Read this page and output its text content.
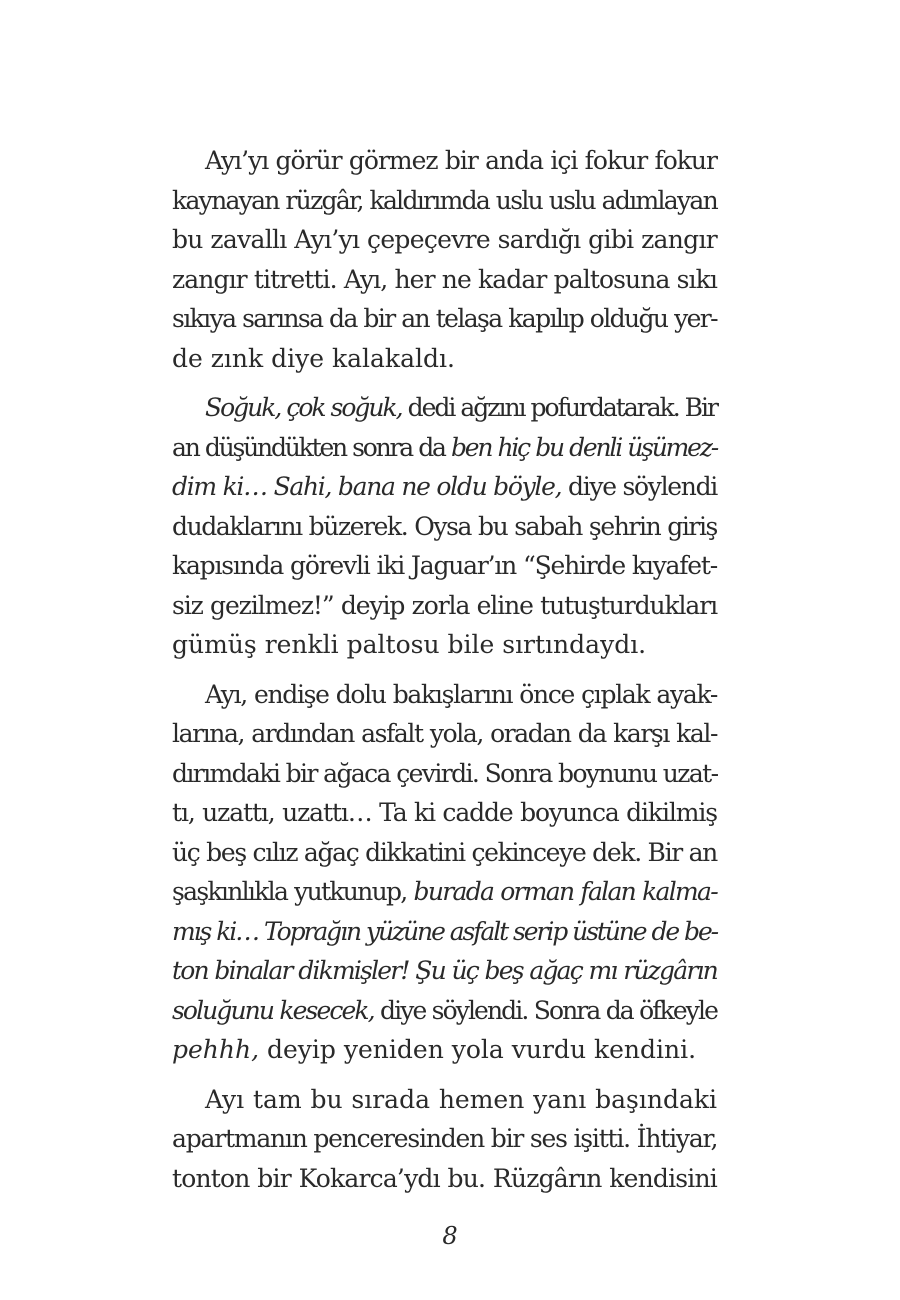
Ayı’yı görür görmez bir anda içi fokur fokur
kaynayan rüzgâr, kaldırımda uslu uslu adımlayan
bu zavallı Ayı’yı çepeçevre sardığı gibi zangır
zangır titretti. Ayı, her ne kadar paltosuna sıkı
sıkıya sarınsa da bir an telaşa kapılıp olduğu yer-
de zınk diye kalakaldı.
Soğuk, çok soğuk, dedi ağzını pofurdatarak. Bir
an düşündükten sonra da ben hiç bu denli üşümez-
dim ki… Sahi, bana ne oldu böyle, diye söylendi
dudaklarını büzerek. Oysa bu sabah şehrin giriş
kapısında görevli iki Jaguar’ın “Şehirde kıyafet-
siz gezilmez!” deyip zorla eline tutuşturdukları
gümüş renkli paltosu bile sırtındaydı.
Ayı, endişe dolu bakışlarını önce çıplak ayak-
larına, ardından asfalt yola, oradan da karşı kal-
dırımdaki bir ağaca çevirdi. Sonra boynunu uzat-
tı, uzattı, uzattı… Ta ki cadde boyunca dikilmiş
üç beş cılız ağaç dikkatini çekinceye dek. Bir an
şaşkınlıkla yutkunup, burada orman falan kalma-
mış ki… Toprağın yüzüne asfalt serip üstüne de be-
ton binalar dikmişler! Şu üç beş ağaç mı rüzgârın
soluğunu kesecek, diye söylendi. Sonra da öfkeyle
pehhh, deyip yeniden yola vurdu kendini.
Ayı tam bu sırada hemen yanı başındaki
apartmanın penceresinden bir ses işitti. İhtiyar,
tonton bir Kokarca’ydı bu. Rüzgârın kendisini
8
